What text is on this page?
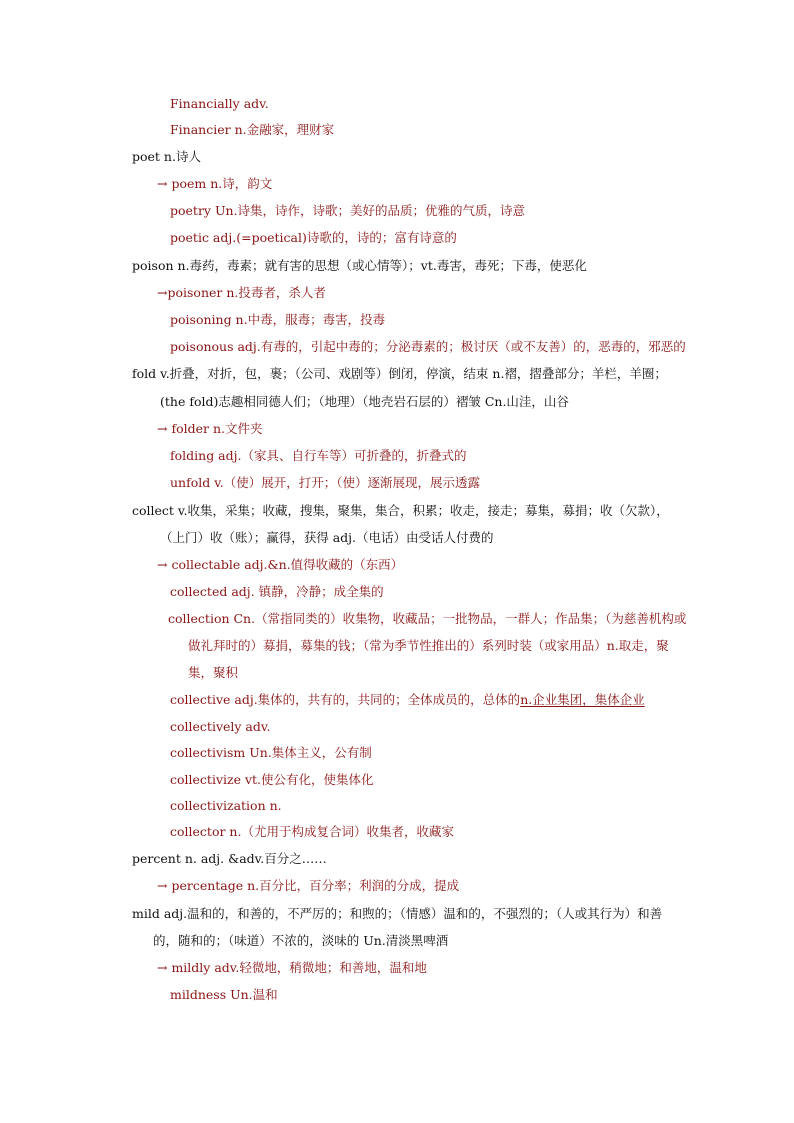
Financially adv.
Financier n.金融家，理财家
poet n.诗人
→ poem n.诗，韵文
poetry Un.诗集，诗作，诗歌；美好的品质；优雅的气质，诗意
poetic adj.(=poetical)诗歌的，诗的；富有诗意的
poison n.毒药，毒素；就有害的思想（或心情等）；vt.毒害，毒死；下毒，使恶化
→poisoner n.投毒者，杀人者
poisoning n.中毒，服毒；毒害，投毒
poisonous adj.有毒的，引起中毒的；分泌毒素的；极讨厌（或不友善）的，恶毒的，邪恶的
fold v.折叠，对折，包，裹；（公司、戏剧等）倒闭，停演，结束 n.褶，摺叠部分；羊栏，羊圈；
(the fold)志趣相同德人们；（地理）（地壳岩石层的）褶皱 Cn.山洼，山谷
→ folder n.文件夹
folding adj.（家具、自行车等）可折叠的，折叠式的
unfold v.（使）展开，打开；（使）逐渐展现，展示透露
collect v.收集，采集；收藏，搜集，聚集，集合，积累；收走，接走；募集，募捐；收（欠款），
（上门）收（账）；赢得，获得 adj.（电话）由受话人付费的
→ collectable adj.&n.值得收藏的（东西）
collected adj. 镇静，冷静；成全集的
collection Cn.（常指同类的）收集物，收藏品；一批物品，一群人；作品集；（为慈善机构或
做礼拜时的）募捐，募集的钱；（常为季节性推出的）系列时装（或家用品）n.取走，聚
集，聚积
collective adj.集体的，共有的，共同的；全体成员的，总体的n.企业集团，集体企业
collectively adv.
collectivism Un.集体主义，公有制
collectivize vt.使公有化，使集体化
collectivization n.
collector n.（尤用于构成复合词）收集者，收藏家
percent n. adj. &adv.百分之……
→ percentage n.百分比，百分率；利润的分成，提成
mild adj.温和的，和善的，不严厉的；和煦的；（情感）温和的，不强烈的；（人或其行为）和善
的，随和的；（味道）不浓的，淡味的 Un.清淡黑啤酒
→ mildly adv.轻微地，稍微地；和善地，温和地
mildness Un.温和
